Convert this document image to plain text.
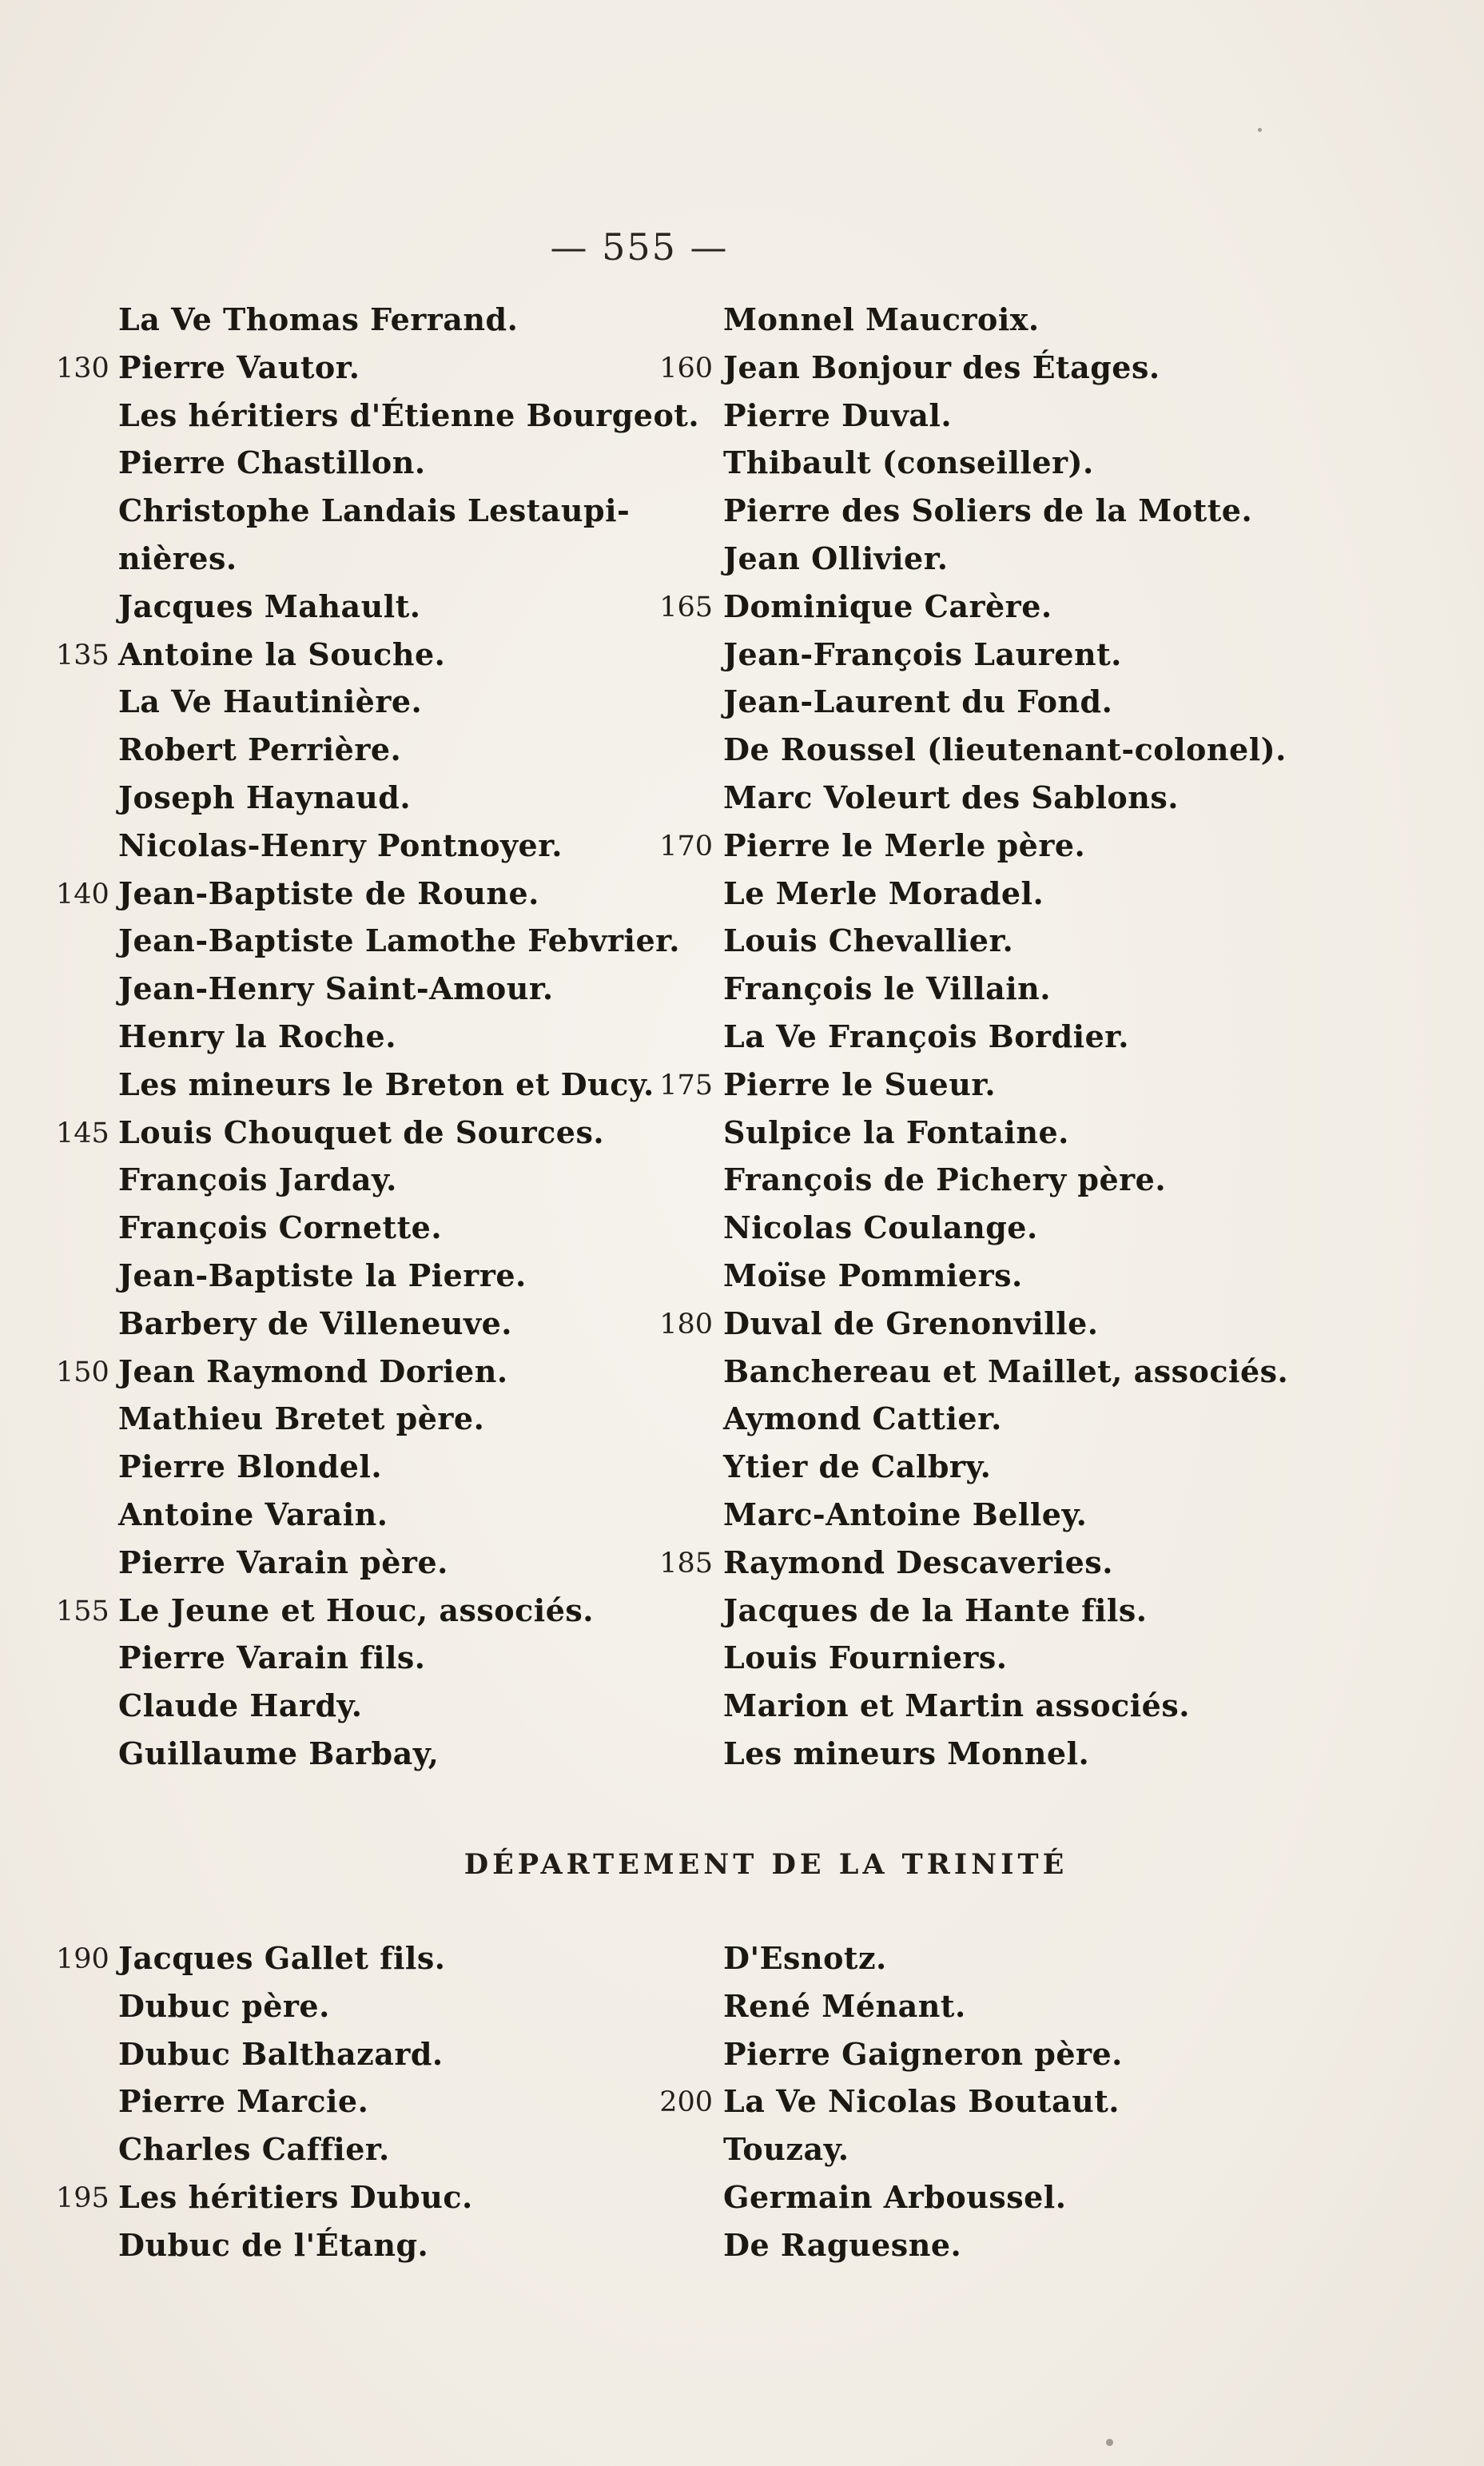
— 555 —
La Ve Thomas Ferrand.
130 Pierre Vautor.
Les héritiers d'Étienne Bourgeot.
Pierre Chastillon.
Christophe Landais Lestaupi-
nières.
Jacques Mahault.
135 Antoine la Souche.
La Ve Hautinière.
Robert Perrière.
Joseph Haynaud.
Nicolas-Henry Pontnoyer.
140 Jean-Baptiste de Roune.
Jean-Baptiste Lamothe Febvrier.
Jean-Henry Saint-Amour.
Henry la Roche.
Les mineurs le Breton et Ducy.
145 Louis Chouquet de Sources.
François Jarday.
François Cornette.
Jean-Baptiste la Pierre.
Barbery de Villeneuve.
150 Jean Raymond Dorien.
Mathieu Bretet père.
Pierre Blondel.
Antoine Varain.
Pierre Varain père.
155 Le Jeune et Houc, associés.
Pierre Varain fils.
Claude Hardy.
Guillaume Barbay,
Monnel Maucroix.
160 Jean Bonjour des Étages.
Pierre Duval.
Thibault (conseiller).
Pierre des Soliers de la Motte.
Jean Ollivier.
165 Dominique Carère.
Jean-François Laurent.
Jean-Laurent du Fond.
De Roussel (lieutenant-colonel).
Marc Voleurt des Sablons.
170 Pierre le Merle père.
Le Merle Moradel.
Louis Chevallier.
François le Villain.
La Ve François Bordier.
175 Pierre le Sueur.
Sulpice la Fontaine.
François de Pichery père.
Nicolas Coulange.
Moïse Pommiers.
180 Duval de Grenonville.
Banchereau et Maillet, associés.
Aymond Cattier.
Ytier de Calbry.
Marc-Antoine Belley.
185 Raymond Descaveries.
Jacques de la Hante fils.
Louis Fourniers.
Marion et Martin associés.
Les mineurs Monnel.
DÉPARTEMENT DE LA TRINITÉ
190 Jacques Gallet fils.
Dubuc père.
Dubuc Balthazard.
Pierre Marcie.
Charles Caffier.
195 Les héritiers Dubuc.
Dubuc de l'Étang.
D'Esnotz.
René Ménant.
Pierre Gaigneron père.
200 La Ve Nicolas Boutaut.
Touzay.
Germain Arboussel.
De Raguesne.
